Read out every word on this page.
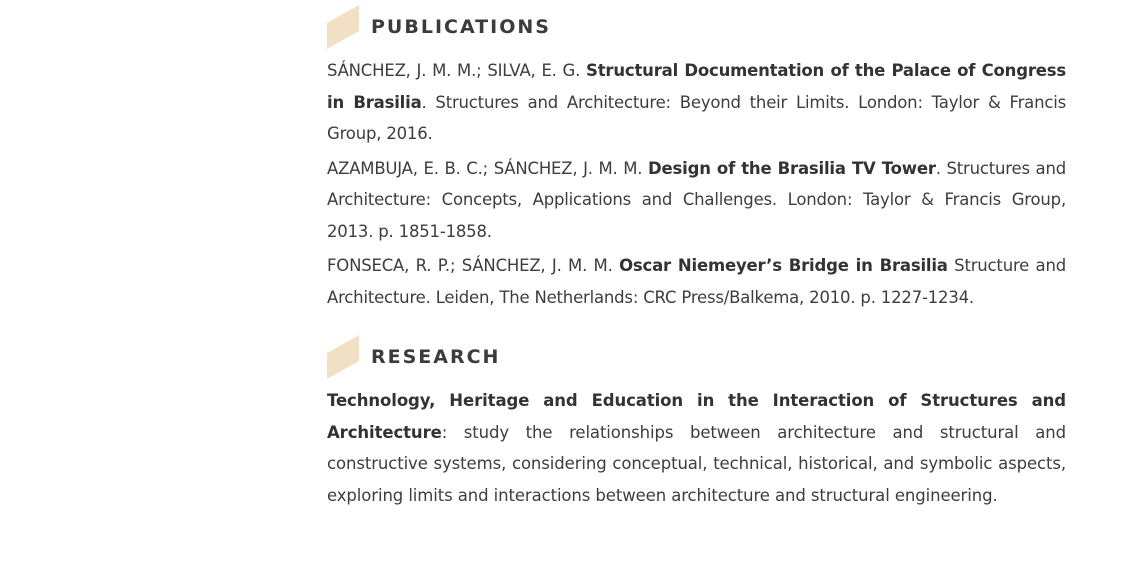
PUBLICATIONS

SÁNCHEZ, J. M. M.; SILVA, E. G. Structural Documentation of the Palace of Congress in Brasilia. Structures and Architecture: Beyond their Limits. London: Taylor & Francis Group, 2016.

AZAMBUJA, E. B. C.; SÁNCHEZ, J. M. M. Design of the Brasilia TV Tower. Structures and Architecture: Concepts, Applications and Challenges. London: Taylor & Francis Group, 2013. p. 1851-1858.

FONSECA, R. P.; SÁNCHEZ, J. M. M. Oscar Niemeyer’s Bridge in Brasilia Structure and Architecture. Leiden, The Netherlands: CRC Press/Balkema, 2010. p. 1227-1234.

RESEARCH

Technology, Heritage and Education in the Interaction of Structures and Architecture: study the relationships between architecture and structural and constructive systems, considering conceptual, technical, historical, and symbolic aspects, exploring limits and interactions between architecture and structural engineering.
